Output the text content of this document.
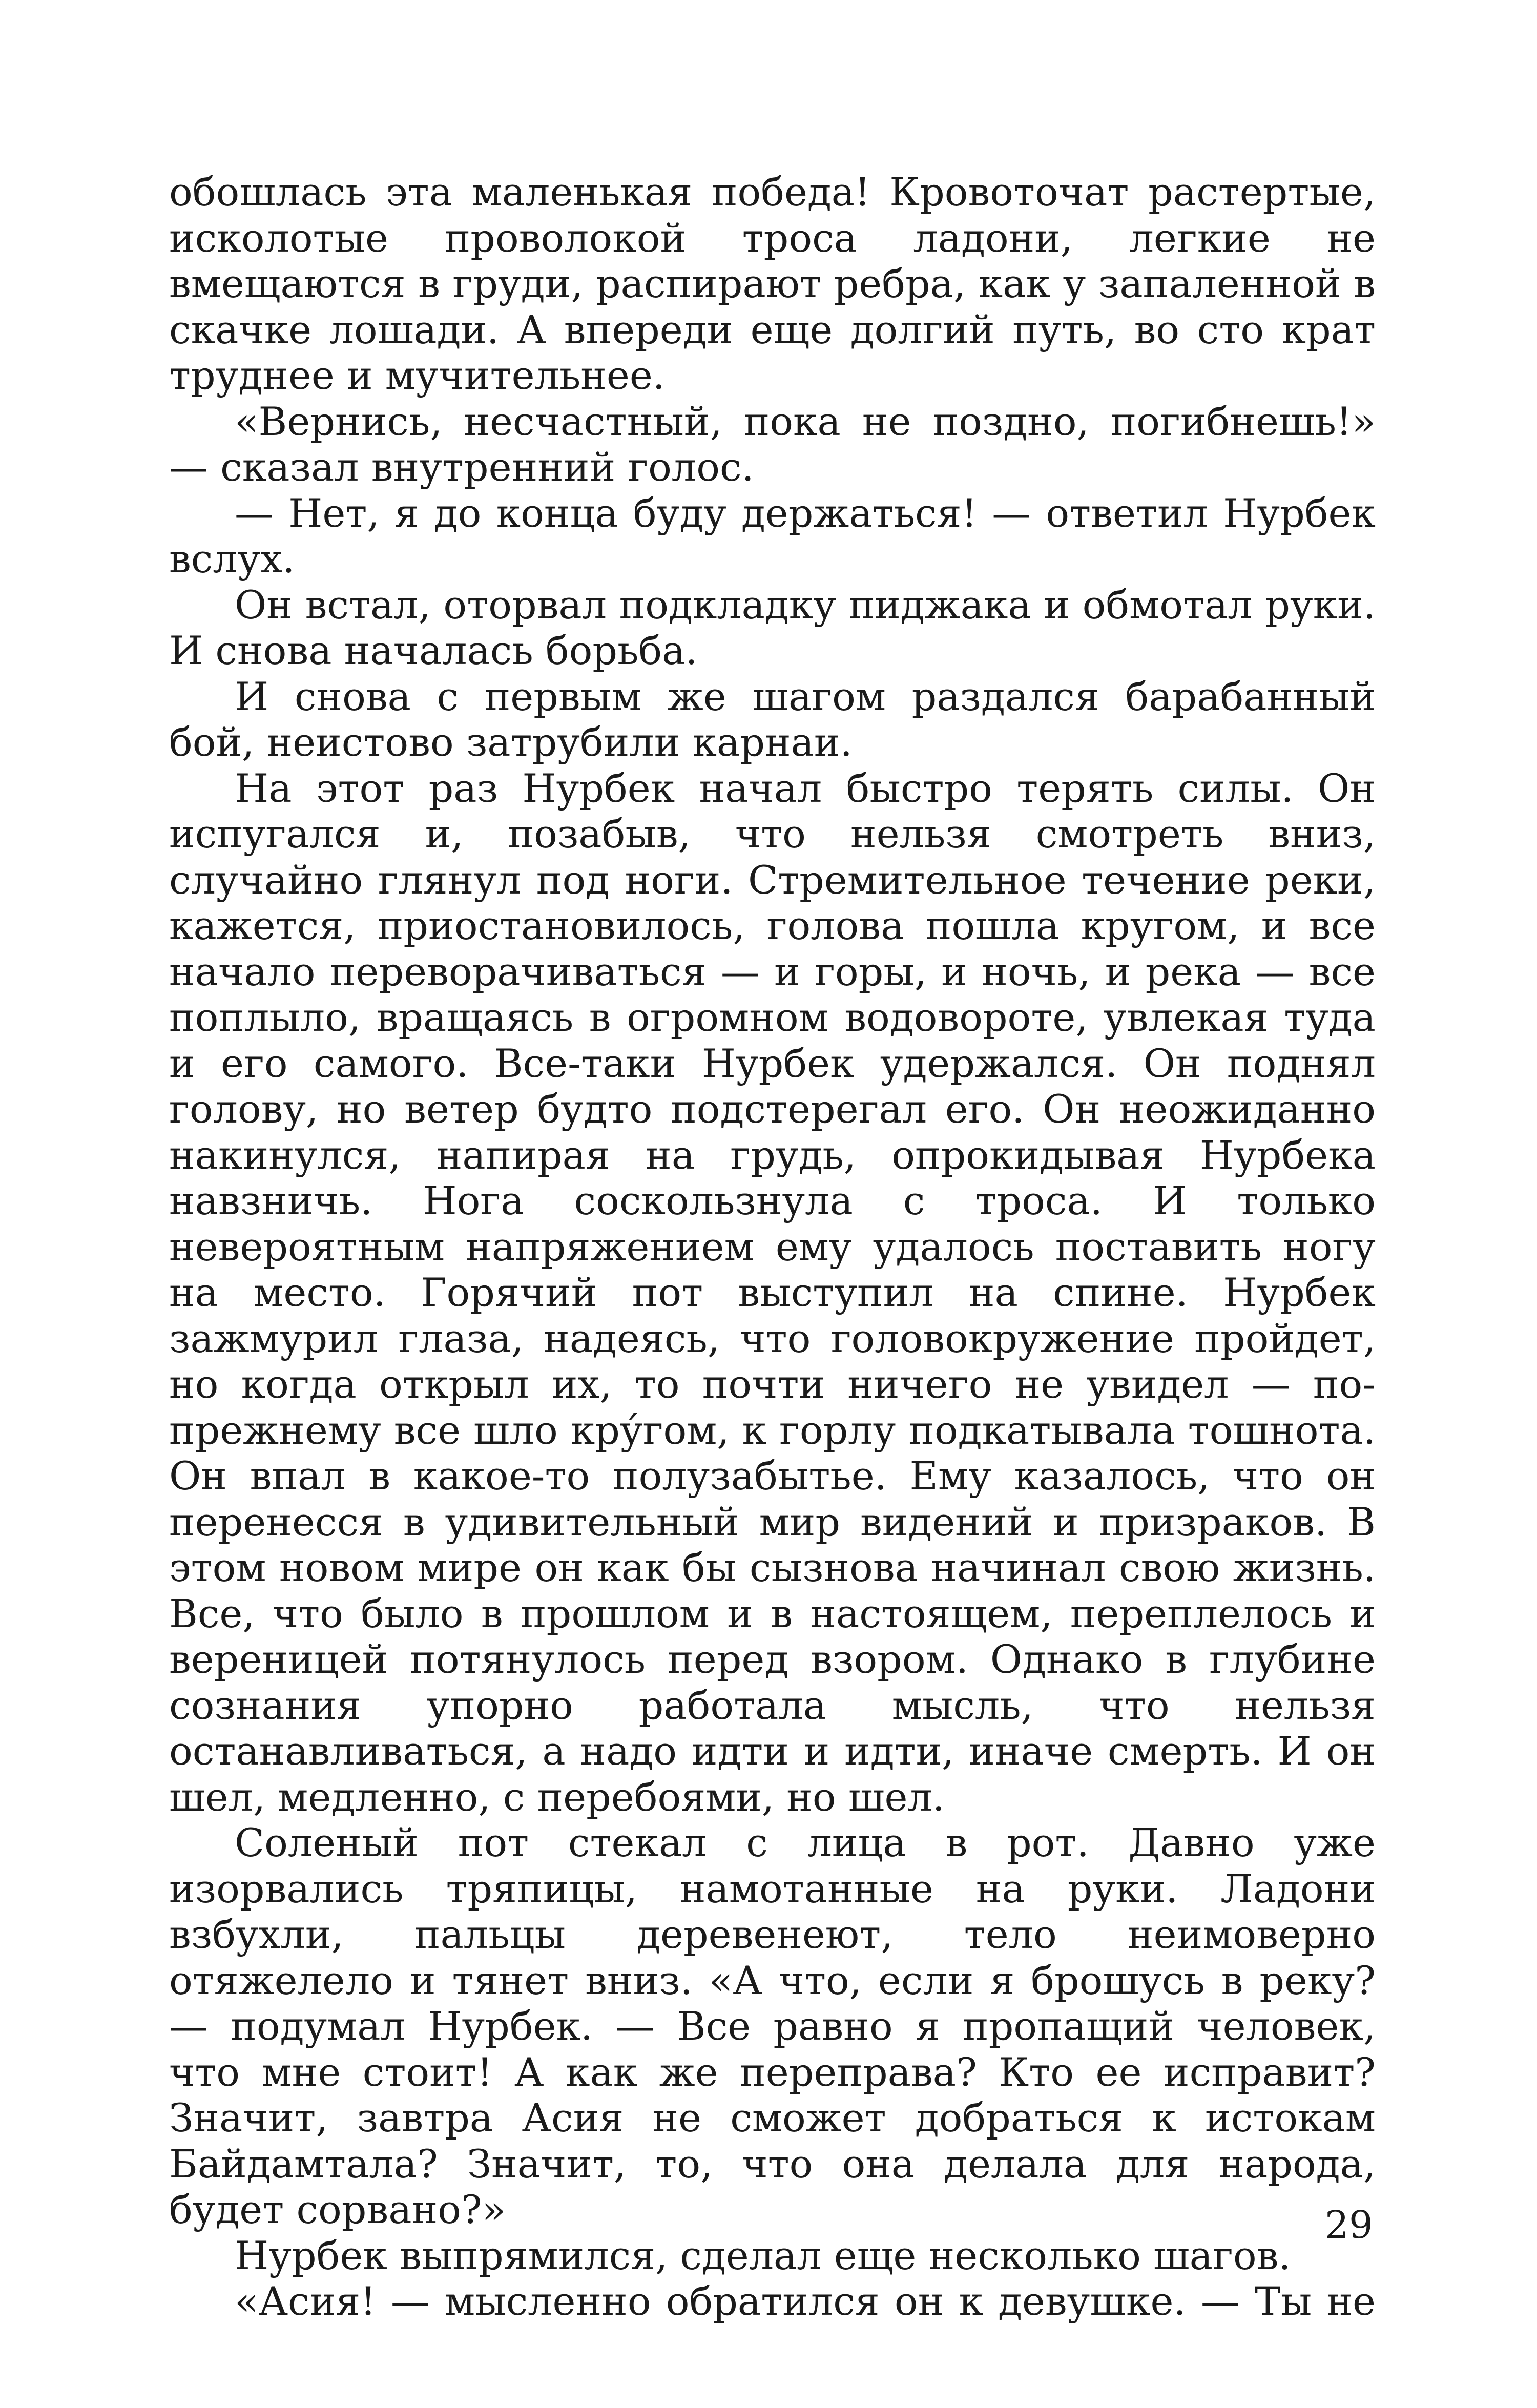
обошлась эта маленькая победа! Кровоточат растертые, исколотые проволокой троса ладони, легкие не вмещаются в груди, распирают ребра, как у запаленной в скачке лошади. А впереди еще долгий путь, во сто крат труднее и мучительнее.

«Вернись, несчастный, пока не поздно, погибнешь!» — сказал внутренний голос.

— Нет, я до конца буду держаться! — ответил Нурбек вслух.

Он встал, оторвал подкладку пиджака и обмотал руки. И снова началась борьба.

И снова с первым же шагом раздался барабанный бой, неистово затрубили карнаи.

На этот раз Нурбек начал быстро терять силы. Он испугался и, позабыв, что нельзя смотреть вниз, случайно глянул под ноги. Стремительное течение реки, кажется, приостановилось, голова пошла кругом, и все начало переворачиваться — и горы, и ночь, и река — все поплыло, вращаясь в огромном водовороте, увлекая туда и его самого. Все-таки Нурбек удержался. Он поднял голову, но ветер будто подстерегал его. Он неожиданно накинулся, напирая на грудь, опрокидывая Нурбека навзничь. Нога соскользнула с троса. И только невероятным напряжением ему удалось поставить ногу на место. Горячий пот выступил на спине. Нурбек зажмурил глаза, надеясь, что головокружение пройдет, но когда открыл их, то почти ничего не увидел — по-прежнему все шло кру́гом, к горлу подкатывала тошнота. Он впал в какое-то полузабытье. Ему казалось, что он перенесся в удивительный мир видений и призраков. В этом новом мире он как бы сызнова начинал свою жизнь. Все, что было в прошлом и в настоящем, переплелось и вереницей потянулось перед взором. Однако в глубине сознания упорно работала мысль, что нельзя останавливаться, а надо идти и идти, иначе смерть. И он шел, медленно, с перебоями, но шел.

Соленый пот стекал с лица в рот. Давно уже изорвались тряпицы, намотанные на руки. Ладони взбухли, пальцы деревенеют, тело неимоверно отяжелело и тянет вниз. «А что, если я брошусь в реку? — подумал Нурбек. — Все равно я пропащий человек, что мне стоит! А как же переправа? Кто ее исправит? Значит, завтра Асия не сможет добраться к истокам Байдамтала? Значит, то, что она делала для народа, будет сорвано?»

Нурбек выпрямился, сделал еще несколько шагов.

«Асия! — мысленно обратился он к девушке. — Ты не

29
